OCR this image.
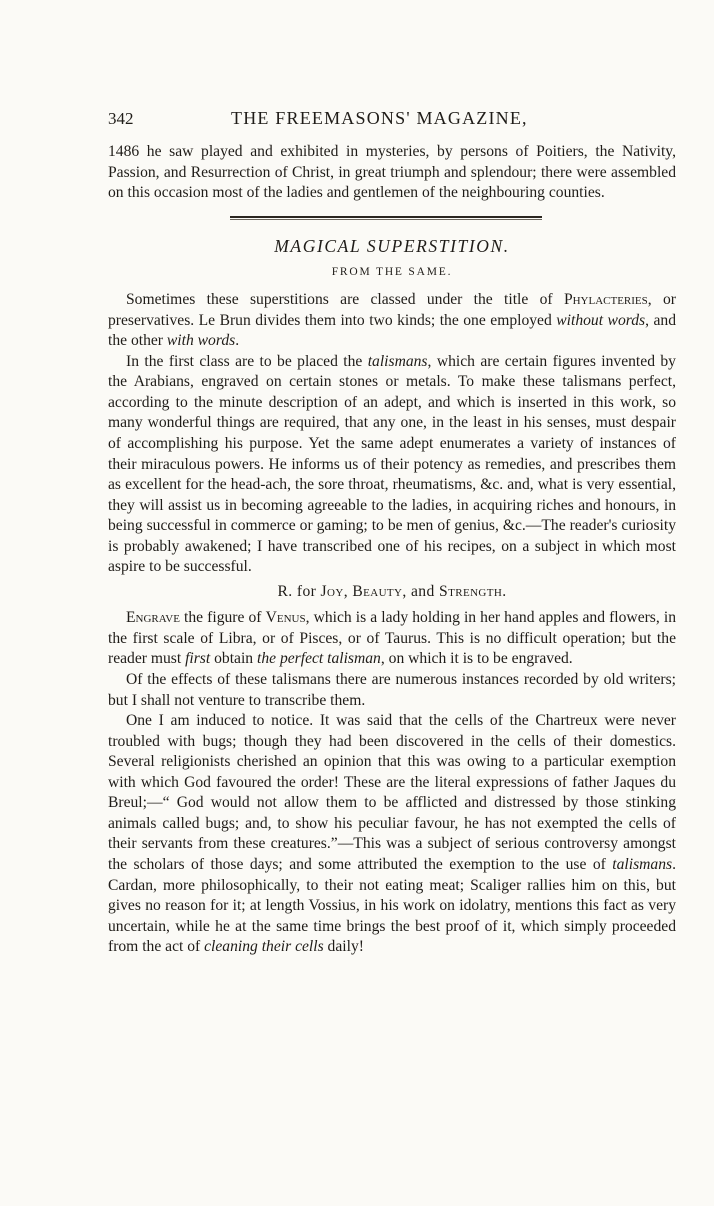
342	THE FREEMASONS' MAGAZINE,

1486 he saw played and exhibited in mysteries, by persons of Poitiers, the Nativity, Passion, and Resurrection of Christ, in great triumph and splendour; there were assembled on this occasion most of the ladies and gentlemen of the neighbouring counties.

MAGICAL SUPERSTITION.
FROM THE SAME.

Sometimes these superstitions are classed under the title of Phylacteries, or preservatives. Le Brun divides them into two kinds; the one employed without words, and the other with words.

In the first class are to be placed the talismans, which are certain figures invented by the Arabians, engraved on certain stones or metals. To make these talismans perfect, according to the minute description of an adept, and which is inserted in this work, so many wonderful things are required, that any one, in the least in his senses, must despair of accomplishing his purpose. Yet the same adept enumerates a variety of instances of their miraculous powers. He informs us of their potency as remedies, and prescribes them as excellent for the head-ach, the sore throat, rheumatisms, &c. and, what is very essential, they will assist us in becoming agreeable to the ladies, in acquiring riches and honours, in being successful in commerce or gaming; to be men of genius, &c.—The reader's curiosity is probably awakened; I have transcribed one of his recipes, on a subject in which most aspire to be successful.

R. for Joy, Beauty, and Strength.

Engrave the figure of Venus, which is a lady holding in her hand apples and flowers, in the first scale of Libra, or of Pisces, or of Taurus. This is no difficult operation; but the reader must first obtain the perfect talisman, on which it is to be engraved.

Of the effects of these talismans there are numerous instances recorded by old writers; but I shall not venture to transcribe them.

One I am induced to notice. It was said that the cells of the Chartreux were never troubled with bugs; though they had been discovered in the cells of their domestics. Several religionists cherished an opinion that this was owing to a particular exemption with which God favoured the order! These are the literal expressions of father Jaques du Breul;—“ God would not allow them to be afflicted and distressed by those stinking animals called bugs; and, to show his peculiar favour, he has not exempted the cells of their servants from these creatures.”—This was a subject of serious controversy amongst the scholars of those days; and some attributed the exemption to the use of talismans. Cardan, more philosophically, to their not eating meat; Scaliger rallies him on this, but gives no reason for it; at length Vossius, in his work on idolatry, mentions this fact as very uncertain, while he at the same time brings the best proof of it, which simply proceeded from the act of cleaning their cells daily!
